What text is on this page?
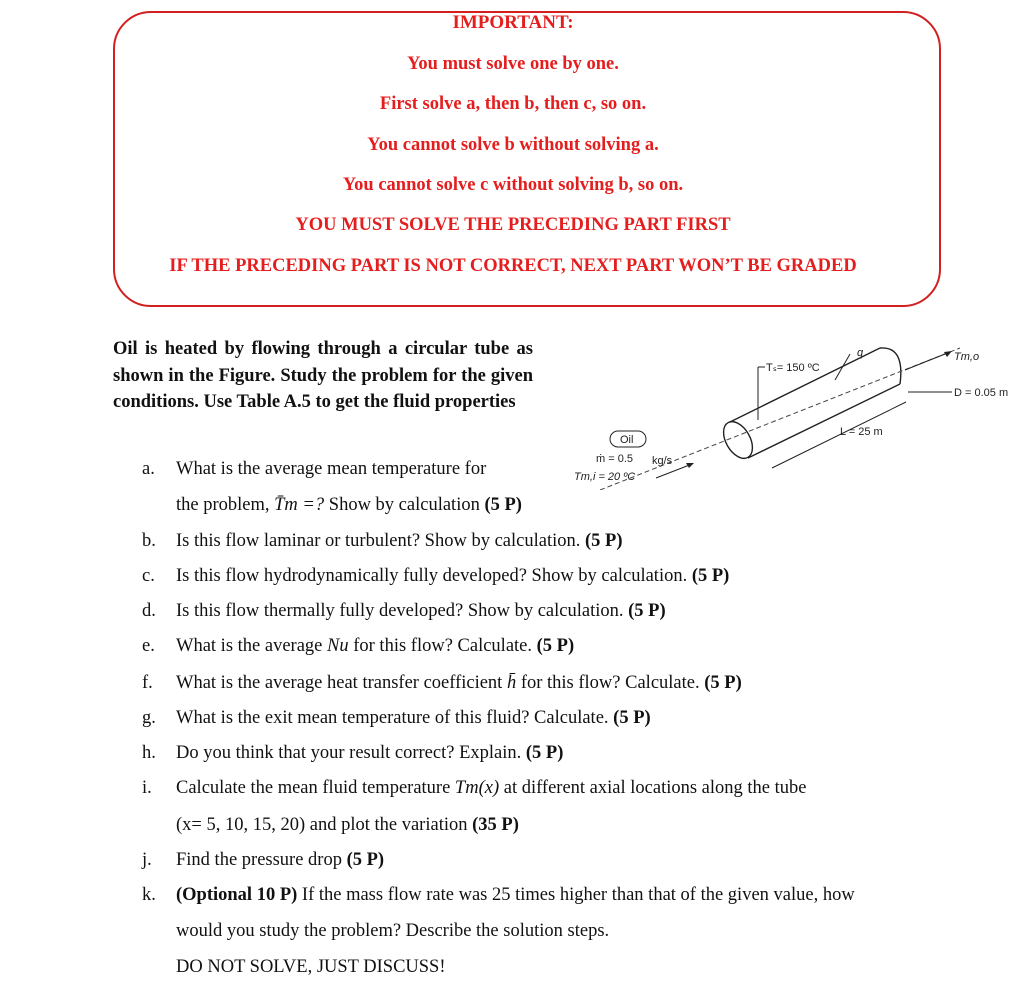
IMPORTANT:
You must solve one by one.
First solve a, then b, then c, so on.
You cannot solve b without solving a.
You cannot solve c without solving b, so on.
YOU MUST SOLVE THE PRECEDING PART FIRST
IF THE PRECEDING PART IS NOT CORRECT, NEXT PART WON’T BE GRADED
Oil is heated by flowing through a circular tube as shown in the Figure. Study the problem for the given conditions. Use Table A.5 to get the fluid properties
Tₛ= 150 ºC
q	Tm,o
D = 0.05 m
L = 25 m
Oil
ṁ = 0.5 kg/s
Tm,i = 20 ºC
a. What is the average mean temperature for
the problem, T̄m =? Show by calculation (5 P)
b. Is this flow laminar or turbulent? Show by calculation. (5 P)
c. Is this flow hydrodynamically fully developed? Show by calculation. (5 P)
d. Is this flow thermally fully developed? Show by calculation. (5 P)
e. What is the average Nu for this flow? Calculate. (5 P)
f. What is the average heat transfer coefficient h̄ for this flow? Calculate. (5 P)
g. What is the exit mean temperature of this fluid? Calculate. (5 P)
h. Do you think that your result correct? Explain. (5 P)
i. Calculate the mean fluid temperature Tm(x) at different axial locations along the tube
(x= 5, 10, 15, 20) and plot the variation (35 P)
j. Find the pressure drop (5 P)
k. (Optional 10 P) If the mass flow rate was 25 times higher than that of the given value, how
would you study the problem? Describe the solution steps.
DO NOT SOLVE, JUST DISCUSS!
